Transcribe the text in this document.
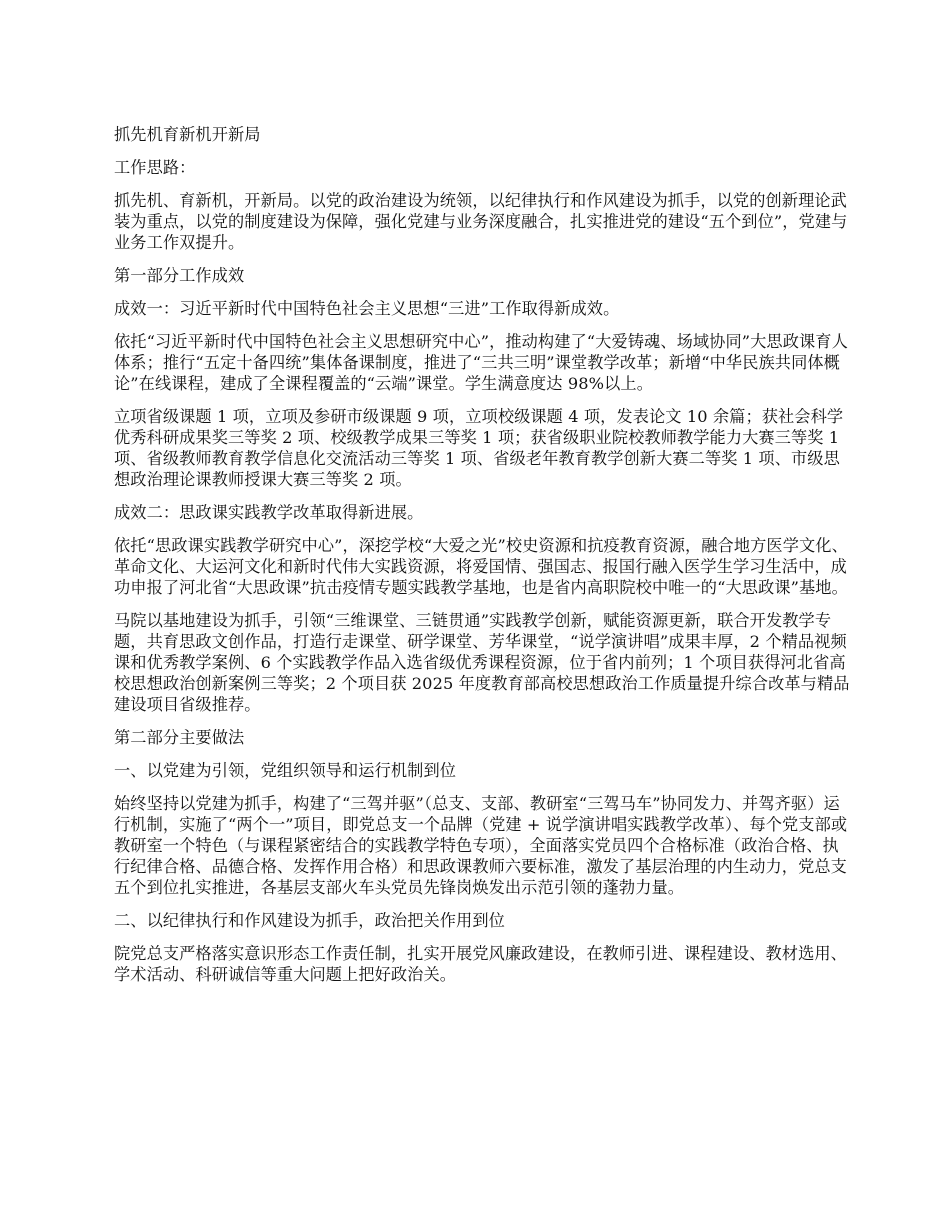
抓先机育新机开新局

工作思路：

抓先机、育新机，开新局。以党的政治建设为统领，以纪律执行和作风建设为抓手，以党的创新理论武装为重点，以党的制度建设为保障，强化党建与业务深度融合，扎实推进党的建设“五个到位”，党建与业务工作双提升。

第一部分工作成效

成效一：习近平新时代中国特色社会主义思想“三进”工作取得新成效。

依托“习近平新时代中国特色社会主义思想研究中心”，推动构建了“大爱铸魂、场域协同”大思政课育人体系；推行“五定十备四统”集体备课制度，推进了“三共三明”课堂教学改革；新增“中华民族共同体概论”在线课程，建成了全课程覆盖的“云端”课堂。学生满意度达 98%以上。

立项省级课题 1 项，立项及参研市级课题 9 项，立项校级课题 4 项，发表论文 10 余篇；获社会科学优秀科研成果奖三等奖 2 项、校级教学成果三等奖 1 项；获省级职业院校教师教学能力大赛三等奖 1 项、省级教师教育教学信息化交流活动三等奖 1 项、省级老年教育教学创新大赛二等奖 1 项、市级思想政治理论课教师授课大赛三等奖 2 项。

成效二：思政课实践教学改革取得新进展。

依托“思政课实践教学研究中心”，深挖学校“大爱之光”校史资源和抗疫教育资源，融合地方医学文化、革命文化、大运河文化和新时代伟大实践资源，将爱国情、强国志、报国行融入医学生学习生活中，成功申报了河北省“大思政课”抗击疫情专题实践教学基地，也是省内高职院校中唯一的“大思政课”基地。

马院以基地建设为抓手，引领“三维课堂、三链贯通”实践教学创新，赋能资源更新，联合开发教学专题，共育思政文创作品，打造行走课堂、研学课堂、芳华课堂，“说学演讲唱”成果丰厚，2 个精品视频课和优秀教学案例、6 个实践教学作品入选省级优秀课程资源，位于省内前列；1 个项目获得河北省高校思想政治创新案例三等奖；2 个项目获 2025 年度教育部高校思想政治工作质量提升综合改革与精品建设项目省级推荐。

第二部分主要做法

一、以党建为引领，党组织领导和运行机制到位

始终坚持以党建为抓手，构建了“三驾并驱”（总支、支部、教研室“三驾马车”协同发力、并驾齐驱）运行机制，实施了“两个一”项目，即党总支一个品牌（党建 + 说学演讲唱实践教学改革）、每个党支部或教研室一个特色（与课程紧密结合的实践教学特色专项），全面落实党员四个合格标准（政治合格、执行纪律合格、品德合格、发挥作用合格）和思政课教师六要标准，激发了基层治理的内生动力，党总支五个到位扎实推进，各基层支部火车头党员先锋岗焕发出示范引领的蓬勃力量。

二、以纪律执行和作风建设为抓手，政治把关作用到位

院党总支严格落实意识形态工作责任制，扎实开展党风廉政建设，在教师引进、课程建设、教材选用、学术活动、科研诚信等重大问题上把好政治关。
